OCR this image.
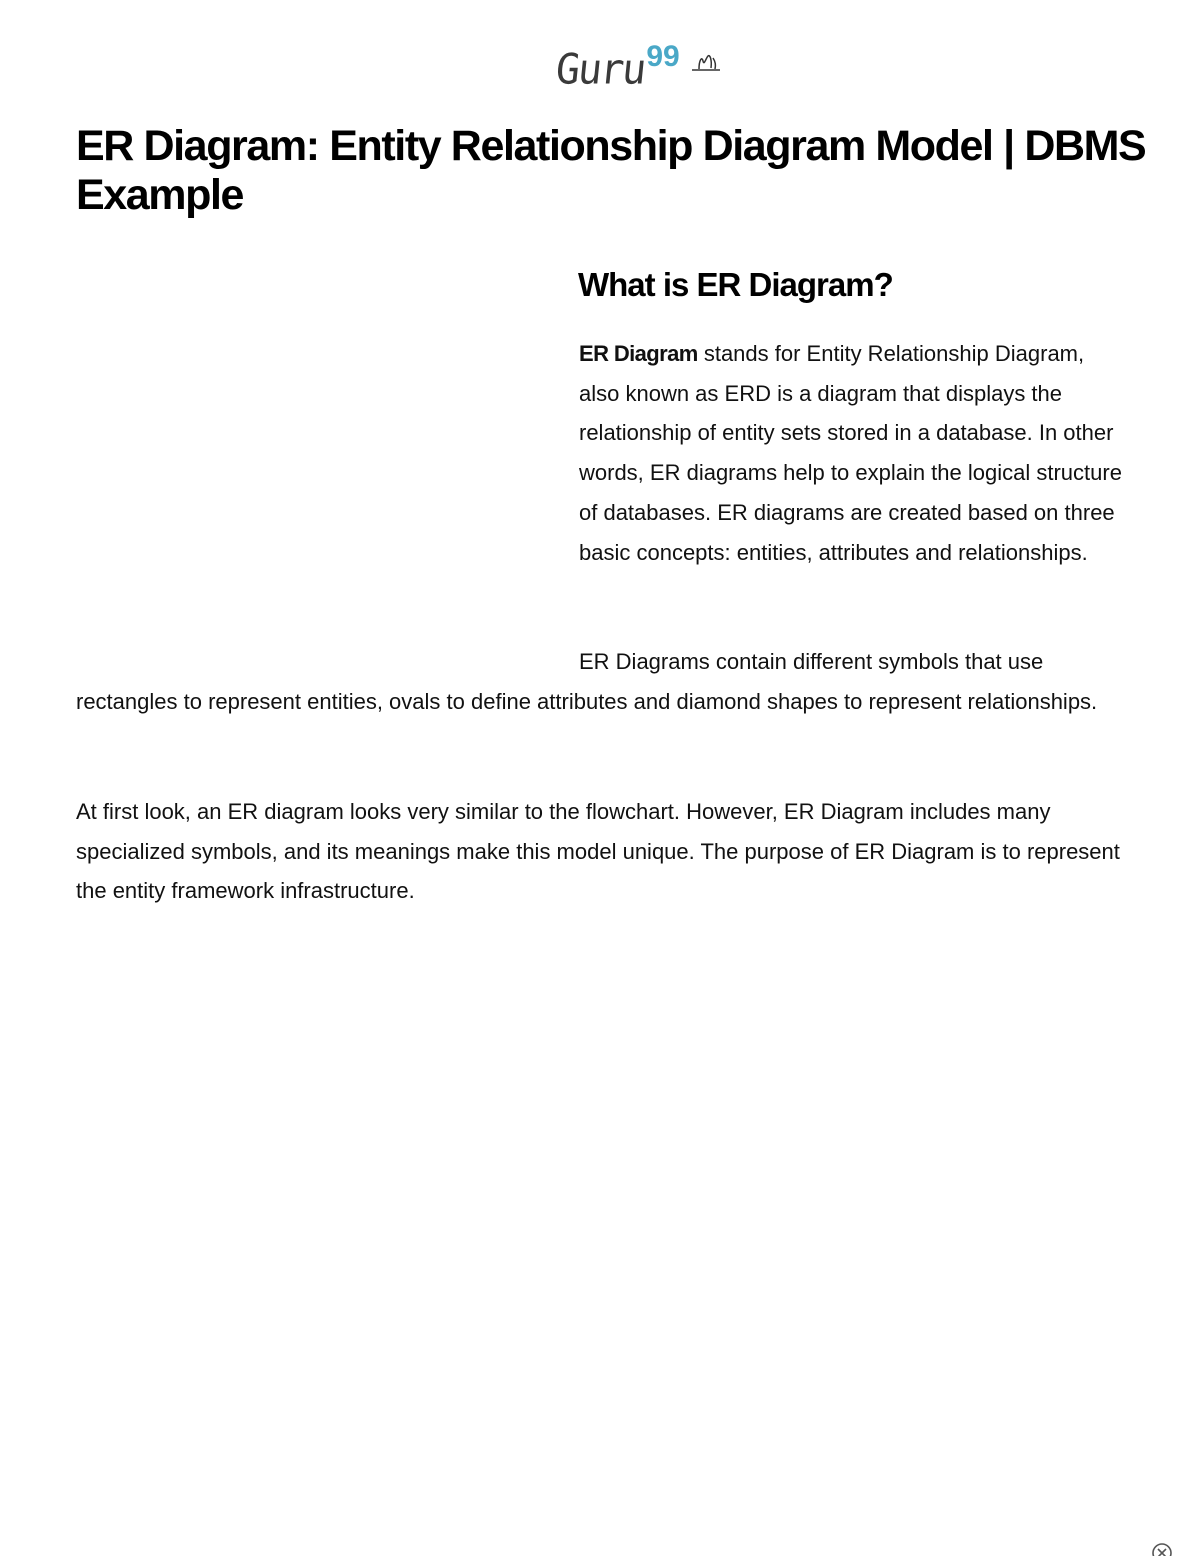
Guru 99
ER Diagram: Entity Relationship Diagram Model | DBMS Example
What is ER Diagram?

ER Diagram stands for Entity Relationship Diagram, also known as ERD is a diagram that displays the relationship of entity sets stored in a database. In other words, ER diagrams help to explain the logical structure of databases. ER diagrams are created based on three basic concepts: entities, attributes and relationships.

ER Diagrams contain different symbols that use rectangles to represent entities, ovals to define attributes and diamond shapes to represent relationships.

At first look, an ER diagram looks very similar to the flowchart. However, ER Diagram includes many specialized symbols, and its meanings make this model unique. The purpose of ER Diagram is to represent the entity framework infrastructure.
